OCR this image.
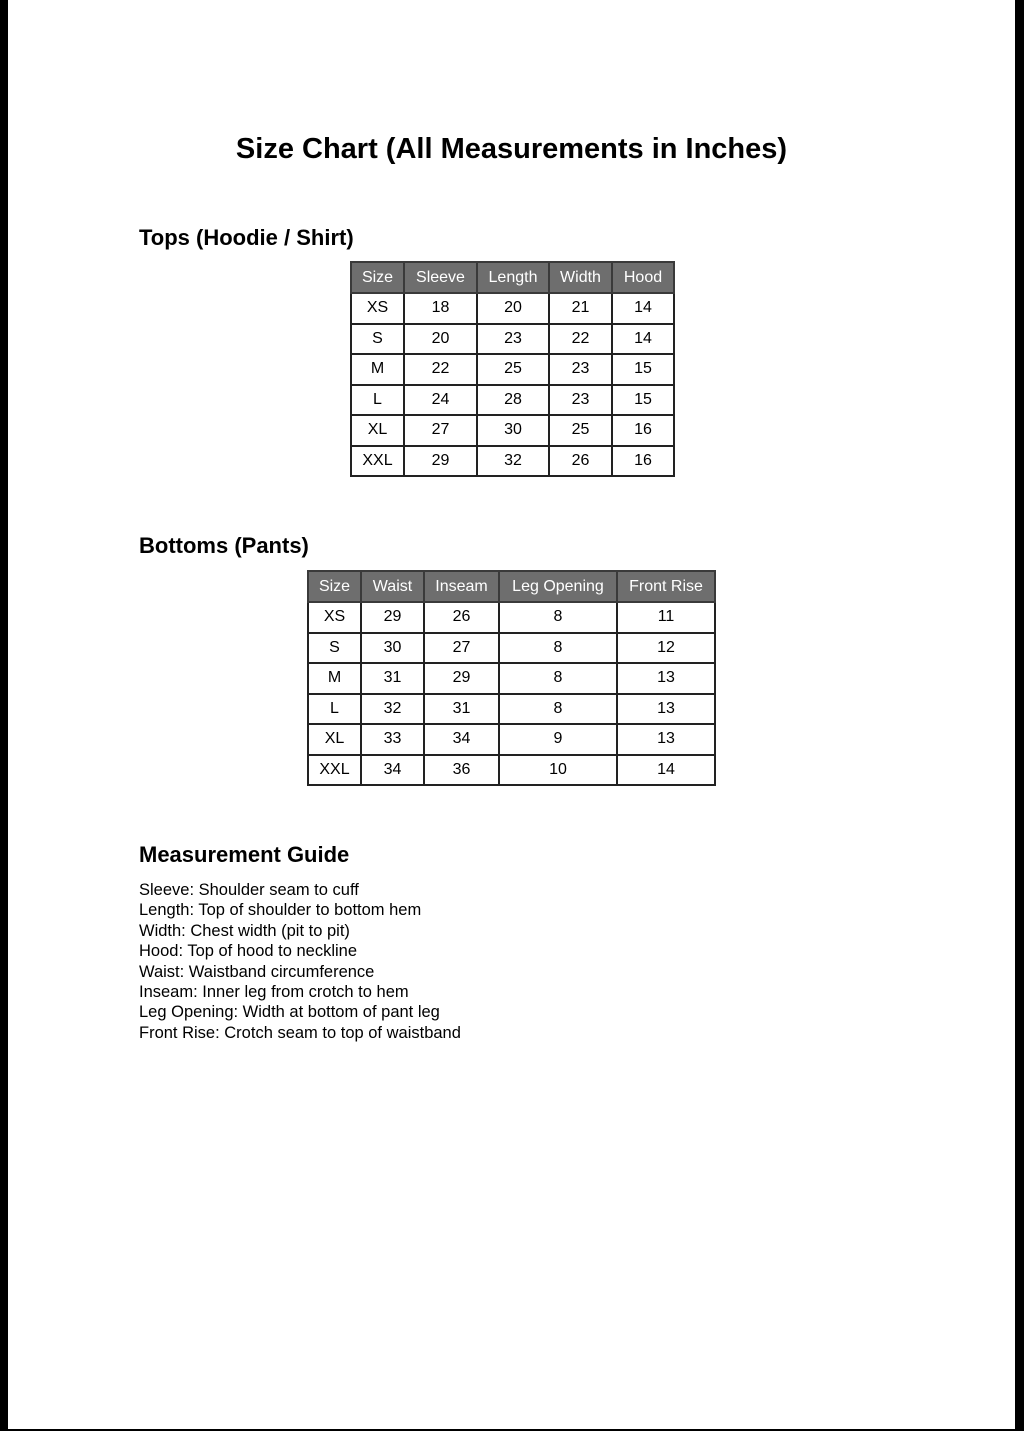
Size Chart (All Measurements in Inches)
Tops (Hoodie / Shirt)
Size	Sleeve	Length	Width	Hood
XS	18	20	21	14
S	20	23	22	14
M	22	25	23	15
L	24	28	23	15
XL	27	30	25	16
XXL	29	32	26	16
Bottoms (Pants)
Size	Waist	Inseam	Leg Opening	Front Rise
XS	29	26	8	11
S	30	27	8	12
M	31	29	8	13
L	32	31	8	13
XL	33	34	9	13
XXL	34	36	10	14
Measurement Guide
Sleeve: Shoulder seam to cuff
Length: Top of shoulder to bottom hem
Width: Chest width (pit to pit)
Hood: Top of hood to neckline
Waist: Waistband circumference
Inseam: Inner leg from crotch to hem
Leg Opening: Width at bottom of pant leg
Front Rise: Crotch seam to top of waistband
